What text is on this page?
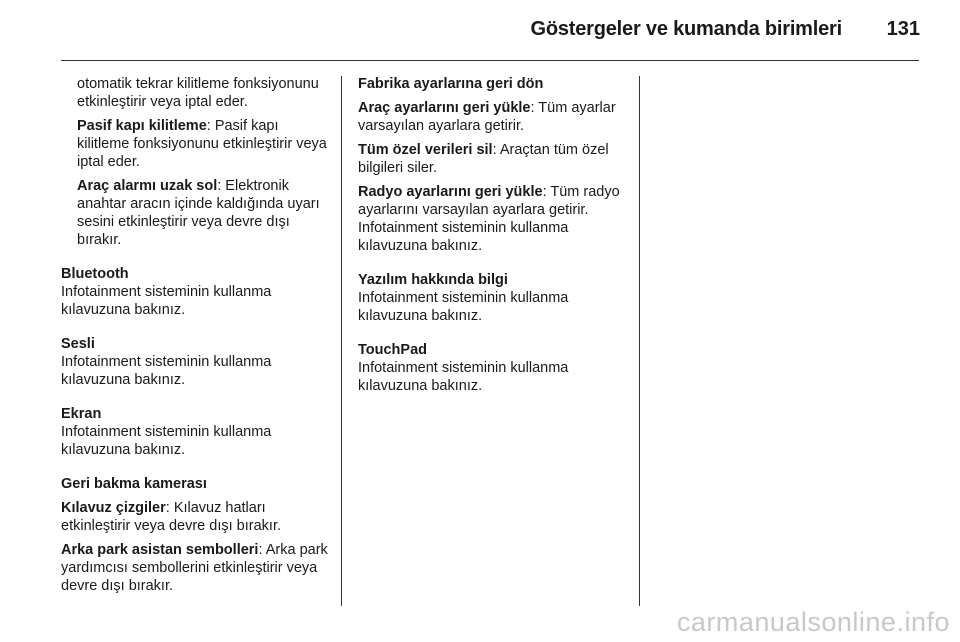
Göstergeler ve kumanda birimleri 131

otomatik tekrar kilitleme fonksiyonunu etkinleştirir veya iptal eder.

Pasif kapı kilitleme: Pasif kapı kilitleme fonksiyonunu etkinleştirir veya iptal eder.

Araç alarmı uzak sol: Elektronik anahtar aracın içinde kaldığında uyarı sesini etkinleştirir veya devre dışı bırakır.

Bluetooth

Infotainment sisteminin kullanma kılavuzuna bakınız.

Sesli

Infotainment sisteminin kullanma kılavuzuna bakınız.

Ekran

Infotainment sisteminin kullanma kılavuzuna bakınız.

Geri bakma kamerası

Kılavuz çizgiler: Kılavuz hatları etkinleştirir veya devre dışı bırakır.

Arka park asistan sembolleri: Arka park yardımcısı sembollerini etkinleştirir veya devre dışı bırakır.

Fabrika ayarlarına geri dön

Araç ayarlarını geri yükle: Tüm ayarlar varsayılan ayarlara getirir.

Tüm özel verileri sil: Araçtan tüm özel bilgileri siler.

Radyo ayarlarını geri yükle: Tüm radyo ayarlarını varsayılan ayarlara getirir. Infotainment sisteminin kullanma kılavuzuna bakınız.

Yazılım hakkında bilgi

Infotainment sisteminin kullanma kılavuzuna bakınız.

TouchPad

Infotainment sisteminin kullanma kılavuzuna bakınız.

carmanualsonline.info
